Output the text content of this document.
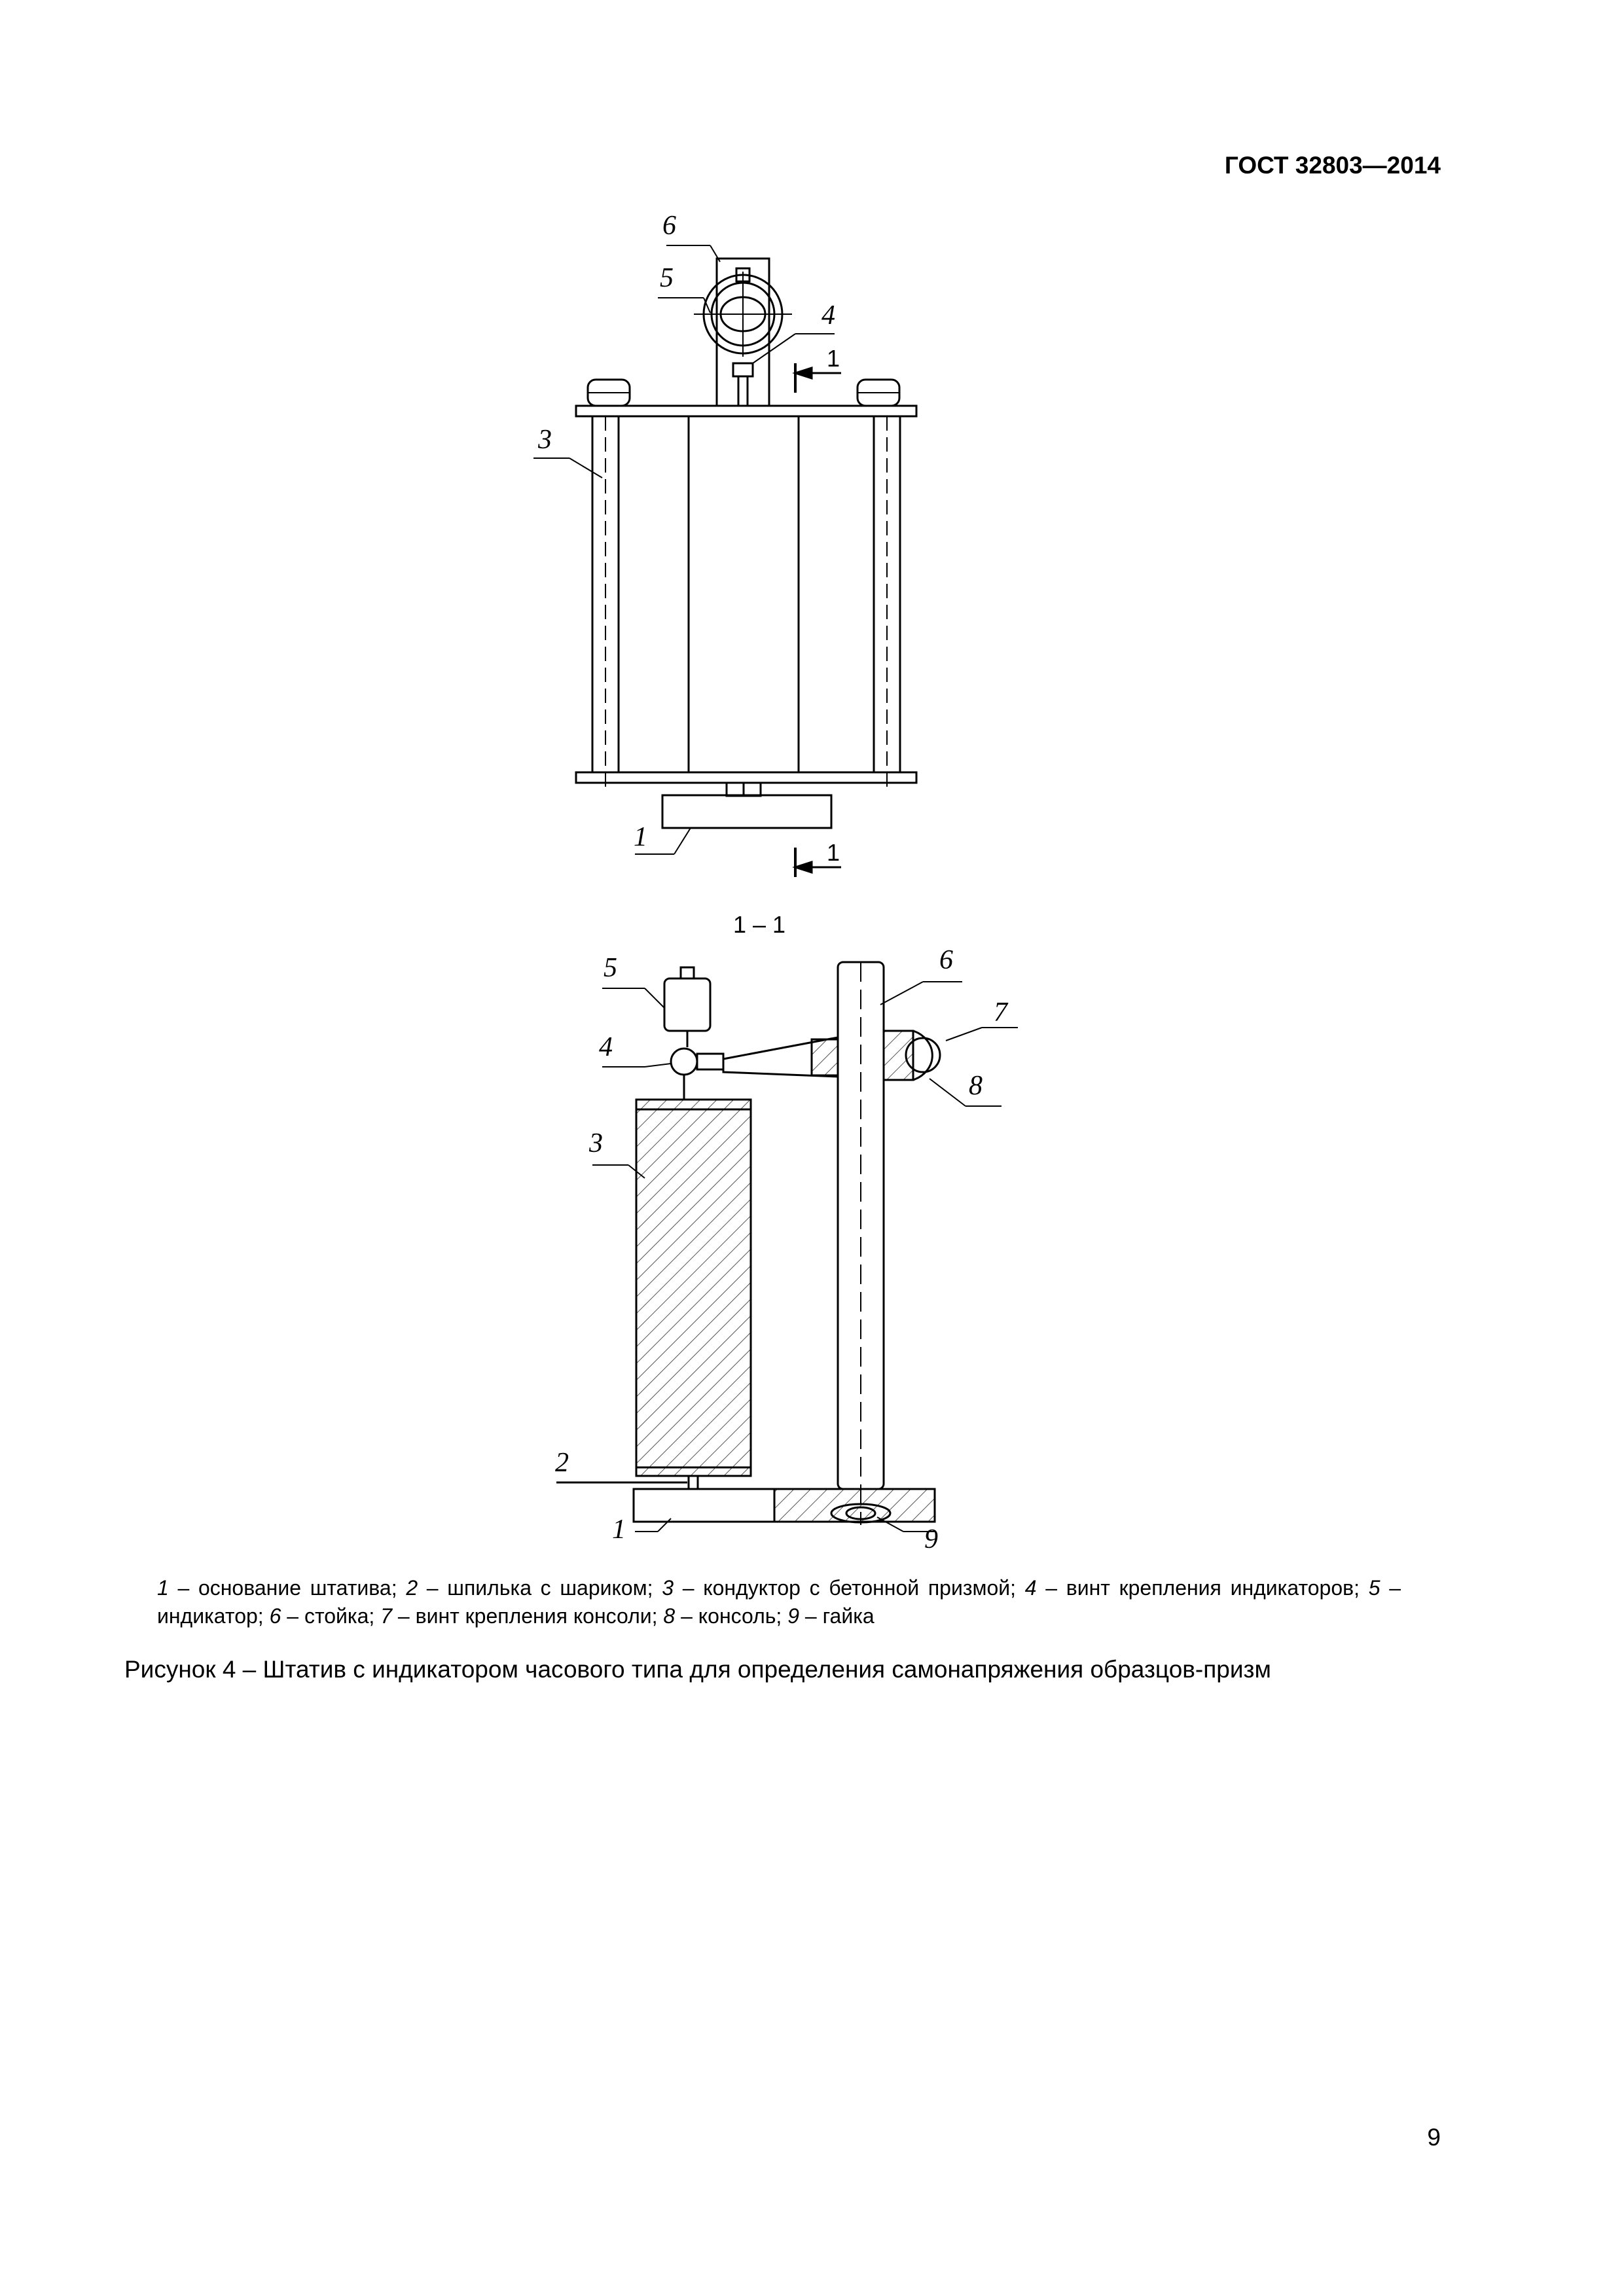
ГОСТ 32803—2014
6
5
4
3
1
1
1
1 – 1
5	6
7
4
8
3
2
1	9
1 – основание штатива; 2 – шпилька с шариком; 3 – кондуктор с бетонной призмой; 4 – винт крепления индикаторов; 5 – индикатор; 6 – стойка; 7 – винт крепления консоли; 8 – консоль; 9 – гайка
Рисунок 4 – Штатив с индикатором часового типа для определения самонапряжения образцов-призм
9
